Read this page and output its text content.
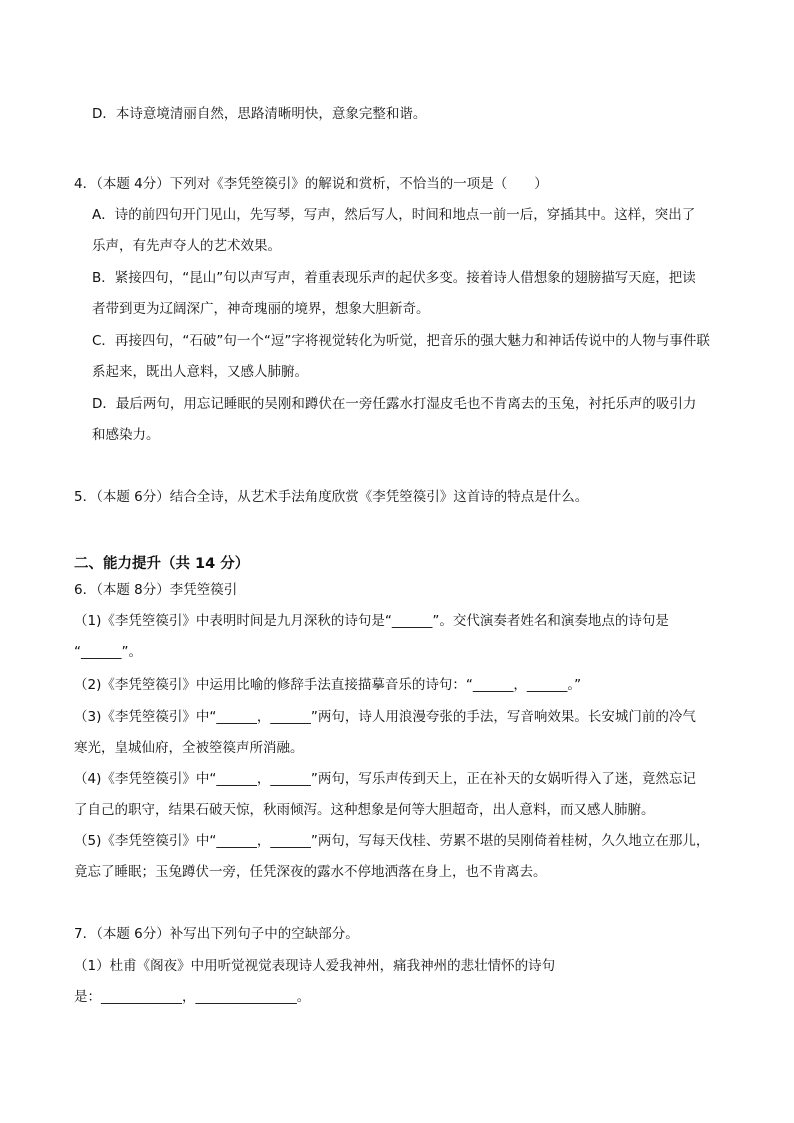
D．本诗意境清丽自然，思路清晰明快，意象完整和谐。
4．（本题 4分）下列对《李凭箜篌引》的解说和赏析，不恰当的一项是（　　）
A．诗的前四句开门见山，先写琴，写声，然后写人，时间和地点一前一后，穿插其中。这样，突出了
乐声，有先声夺人的艺术效果。
B．紧接四句，“昆山”句以声写声，着重表现乐声的起伏多变。接着诗人借想象的翅膀描写天庭，把读
者带到更为辽阔深广，神奇瑰丽的境界，想象大胆新奇。
C．再接四句，“石破”句一个“逗”字将视觉转化为听觉，把音乐的强大魅力和神话传说中的人物与事件联
系起来，既出人意料，又感人肺腑。
D．最后两句，用忘记睡眠的吴刚和蹲伏在一旁任露水打湿皮毛也不肯离去的玉兔，衬托乐声的吸引力
和感染力。
5．（本题 6分）结合全诗，从艺术手法角度欣赏《李凭箜篌引》这首诗的特点是什么。
二、能力提升（共 14 分）
6．（本题 8分）李凭箜篌引
（1)《李凭箜篌引》中表明时间是九月深秋的诗句是“______”。交代演奏者姓名和演奏地点的诗句是
“______”。
（2)《李凭箜篌引》中运用比喻的修辞手法直接描摹音乐的诗句：“______，______。”
（3)《李凭箜篌引》中“______，______”两句，诗人用浪漫夸张的手法，写音响效果。长安城门前的冷气
寒光，皇城仙府，全被箜篌声所消融。
（4)《李凭箜篌引》中“______，______”两句，写乐声传到天上，正在补天的女娲听得入了迷，竟然忘记
了自己的职守，结果石破天惊，秋雨倾泻。这种想象是何等大胆超奇，出人意料，而又感人肺腑。
（5)《李凭箜篌引》中“______，______”两句，写每天伐桂、劳累不堪的吴刚倚着桂树，久久地立在那儿，
竟忘了睡眠；玉兔蹲伏一旁，任凭深夜的露水不停地洒落在身上，也不肯离去。
7．（本题 6分）补写出下列句子中的空缺部分。
（1）杜甫《阁夜》中用听觉视觉表现诗人爱我神州，痛我神州的悲壮情怀的诗句
是：____________，_______________。
